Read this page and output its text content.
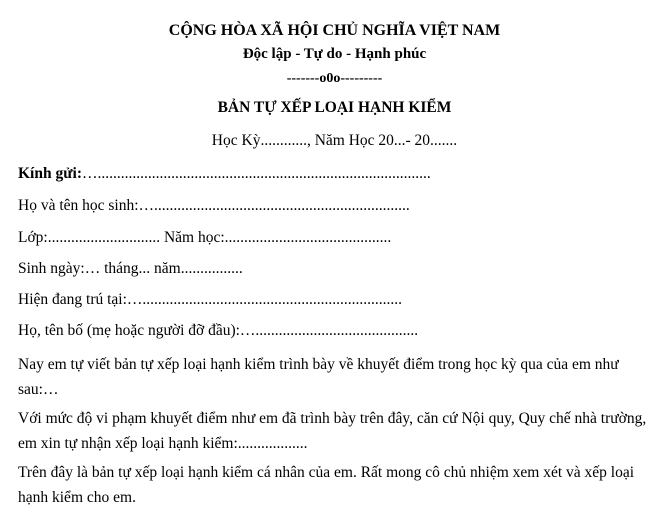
CỘNG HÒA XÃ HỘI CHỦ NGHĨA VIỆT NAM
Độc lập - Tự do - Hạnh phúc
-------o0o---------
BẢN TỰ XẾP LOẠI HẠNH KIỂM
Học Kỳ............, Năm Học 20...- 20.......
Kính gửi:…......................................................................................
Họ và tên học sinh:…..................................................................
Lớp:............................. Năm học:...........................................
Sinh ngày:… tháng... năm................
Hiện đang trú tại:…...................................................................
Họ, tên bố (mẹ hoặc người đỡ đầu):…..........................................
Nay em tự viết bản tự xếp loại hạnh kiểm trình bày về khuyết điểm trong học kỳ qua của em như sau:…
Với mức độ vi phạm khuyết điểm như em đã trình bày trên đây, căn cứ Nội quy, Quy chế nhà trường, em xin tự nhận xếp loại hạnh kiểm:..................
Trên đây là bản tự xếp loại hạnh kiểm cá nhân của em. Rất mong cô chủ nhiệm xem xét và xếp loại hạnh kiểm cho em.
